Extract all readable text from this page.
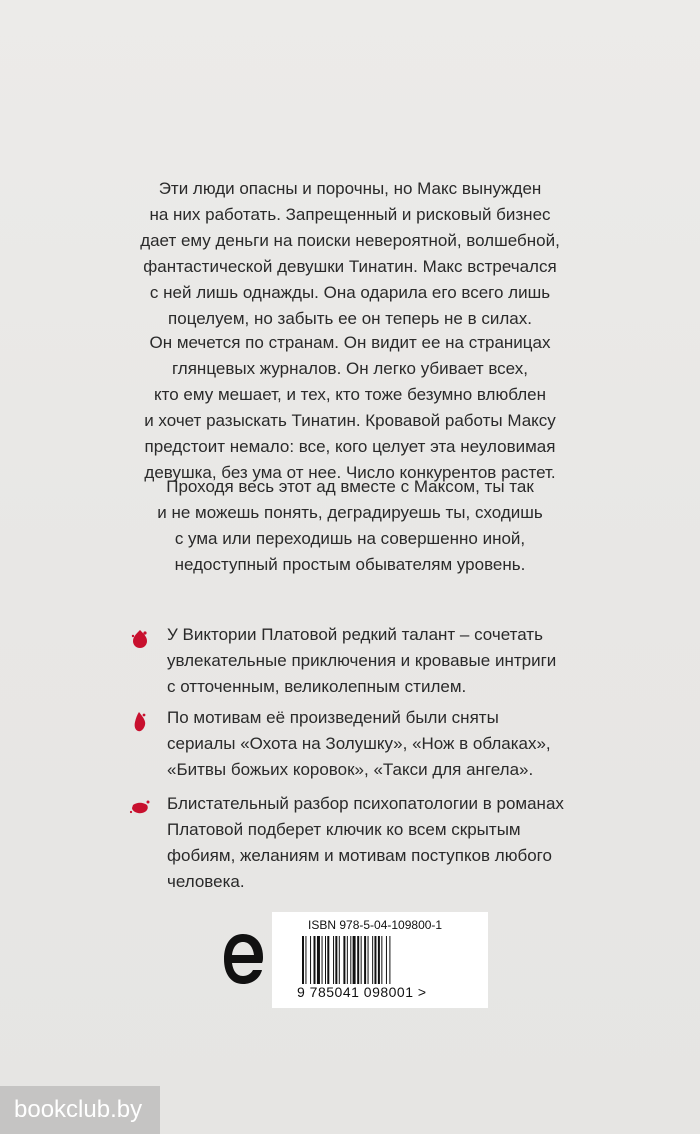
Эти люди опасны и порочны, но Макс вынужден
на них работать. Запрещенный и рисковый бизнес
дает ему деньги на поиски невероятной, волшебной,
фантастической девушки Тинатин. Макс встречался
с ней лишь однажды. Она одарила его всего лишь
поцелуем, но забыть ее он теперь не в силах.
Он мечется по странам. Он видит ее на страницах
глянцевых журналов. Он легко убивает всех,
кто ему мешает, и тех, кто тоже безумно влюблен
и хочет разыскать Тинатин. Кровавой работы Максу
предстоит немало: все, кого целует эта неуловимая
девушка, без ума от нее. Число конкурентов растет.
Проходя весь этот ад вместе с Максом, ты так
и не можешь понять, деградируешь ты, сходишь
с ума или переходишь на совершенно иной,
недоступный простым обывателям уровень.
У Виктории Платовой редкий талант – сочетать
увлекательные приключения и кровавые интриги
с отточенным, великолепным стилем.
По мотивам её произведений были сняты
сериалы «Охота на Золушку», «Нож в облаках»,
«Битвы божьих коровок», «Такси для ангела».
Блистательный разбор психопатологии в романах
Платовой подберет ключик ко всем скрытым
фобиям, желаниям и мотивам поступков любого
человека.
ISBN 978-5-04-109800-1
9 785041 098001 >
bookclub.by
